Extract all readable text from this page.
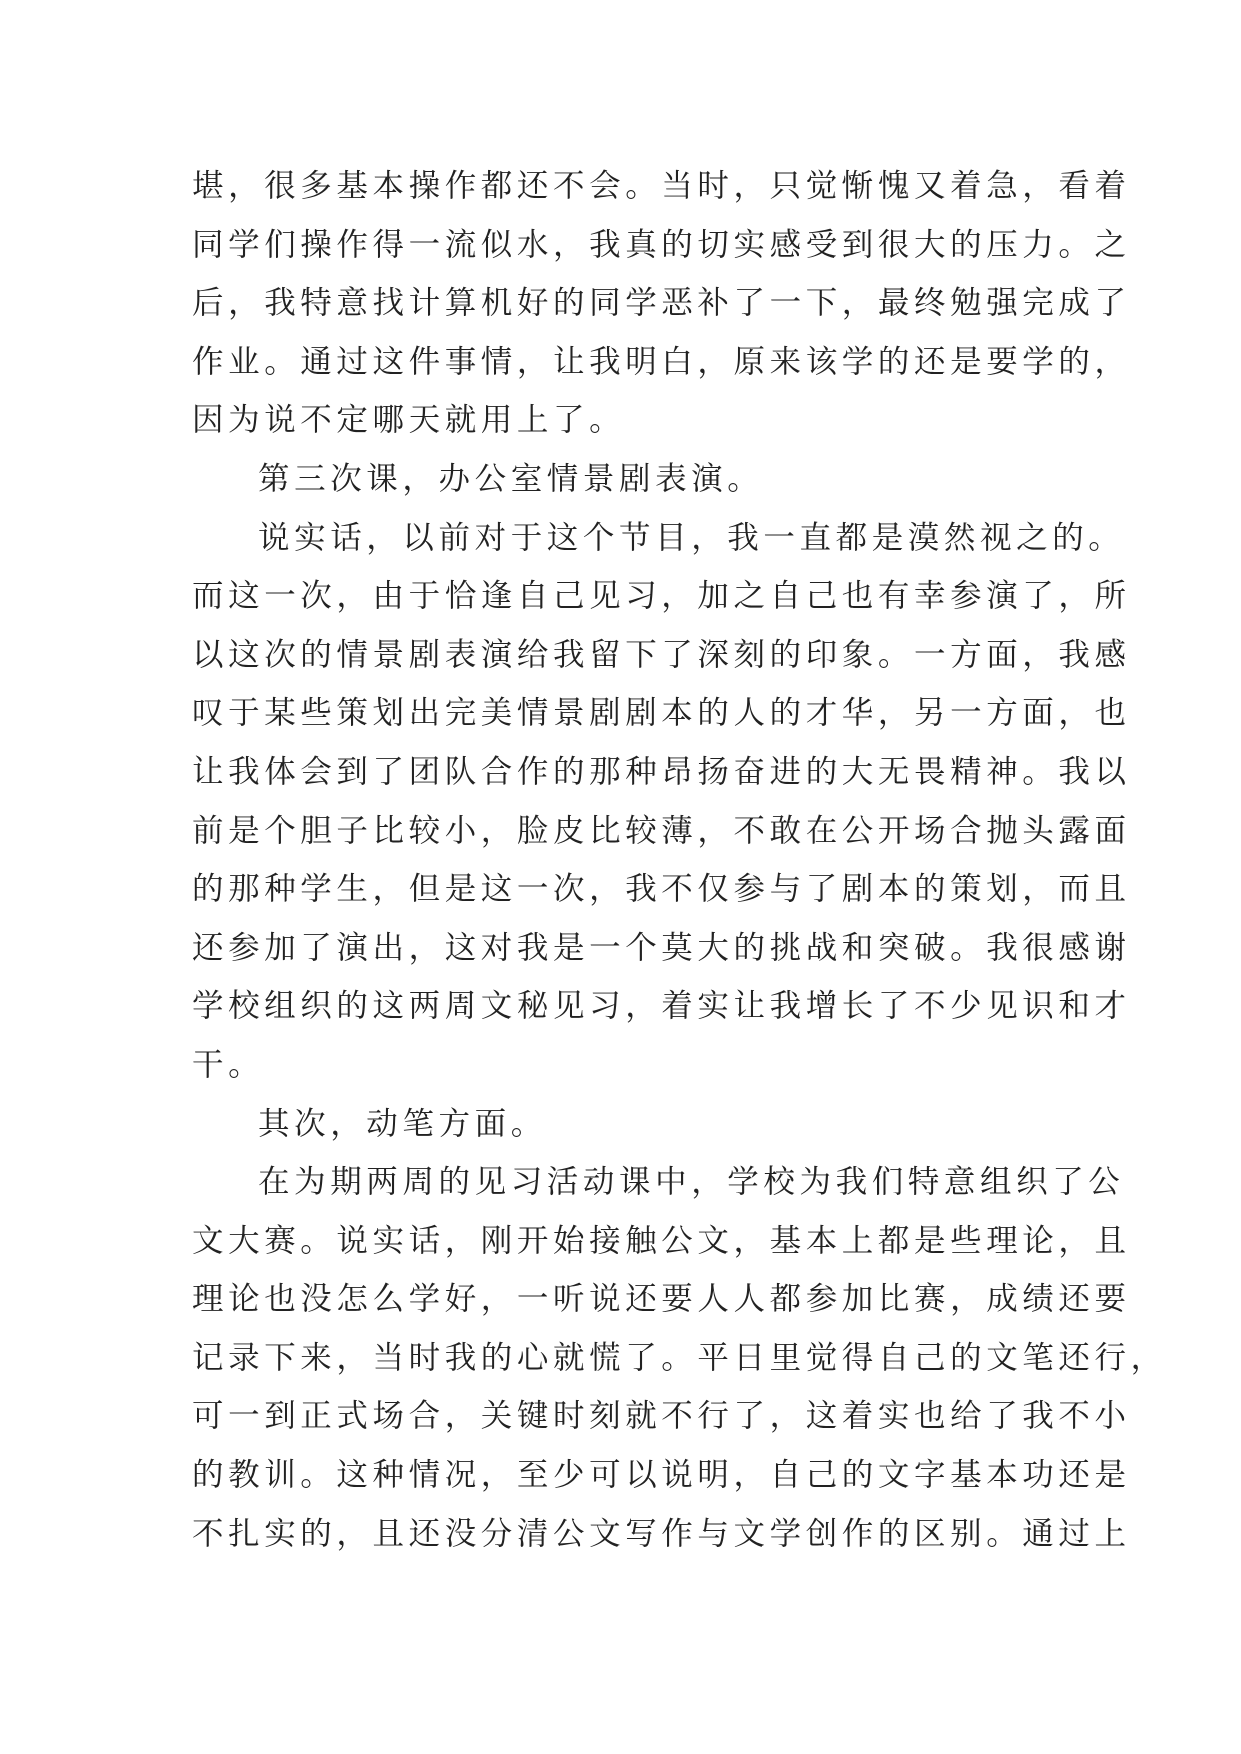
堪，很多基本操作都还不会。当时，只觉惭愧又着急，看着
同学们操作得一流似水，我真的切实感受到很大的压力。之
后，我特意找计算机好的同学恶补了一下，最终勉强完成了
作业。通过这件事情，让我明白，原来该学的还是要学的，
因为说不定哪天就用上了。
第三次课，办公室情景剧表演。
说实话，以前对于这个节目，我一直都是漠然视之的。
而这一次，由于恰逢自己见习，加之自己也有幸参演了，所
以这次的情景剧表演给我留下了深刻的印象。一方面，我感
叹于某些策划出完美情景剧剧本的人的才华，另一方面，也
让我体会到了团队合作的那种昂扬奋进的大无畏精神。我以
前是个胆子比较小，脸皮比较薄，不敢在公开场合抛头露面
的那种学生，但是这一次，我不仅参与了剧本的策划，而且
还参加了演出，这对我是一个莫大的挑战和突破。我很感谢
学校组织的这两周文秘见习，着实让我增长了不少见识和才
干。
其次，动笔方面。
在为期两周的见习活动课中，学校为我们特意组织了公
文大赛。说实话，刚开始接触公文，基本上都是些理论，且
理论也没怎么学好，一听说还要人人都参加比赛，成绩还要
记录下来，当时我的心就慌了。平日里觉得自己的文笔还行，
可一到正式场合，关键时刻就不行了，这着实也给了我不小
的教训。这种情况，至少可以说明，自己的文字基本功还是
不扎实的，且还没分清公文写作与文学创作的区别。通过上
